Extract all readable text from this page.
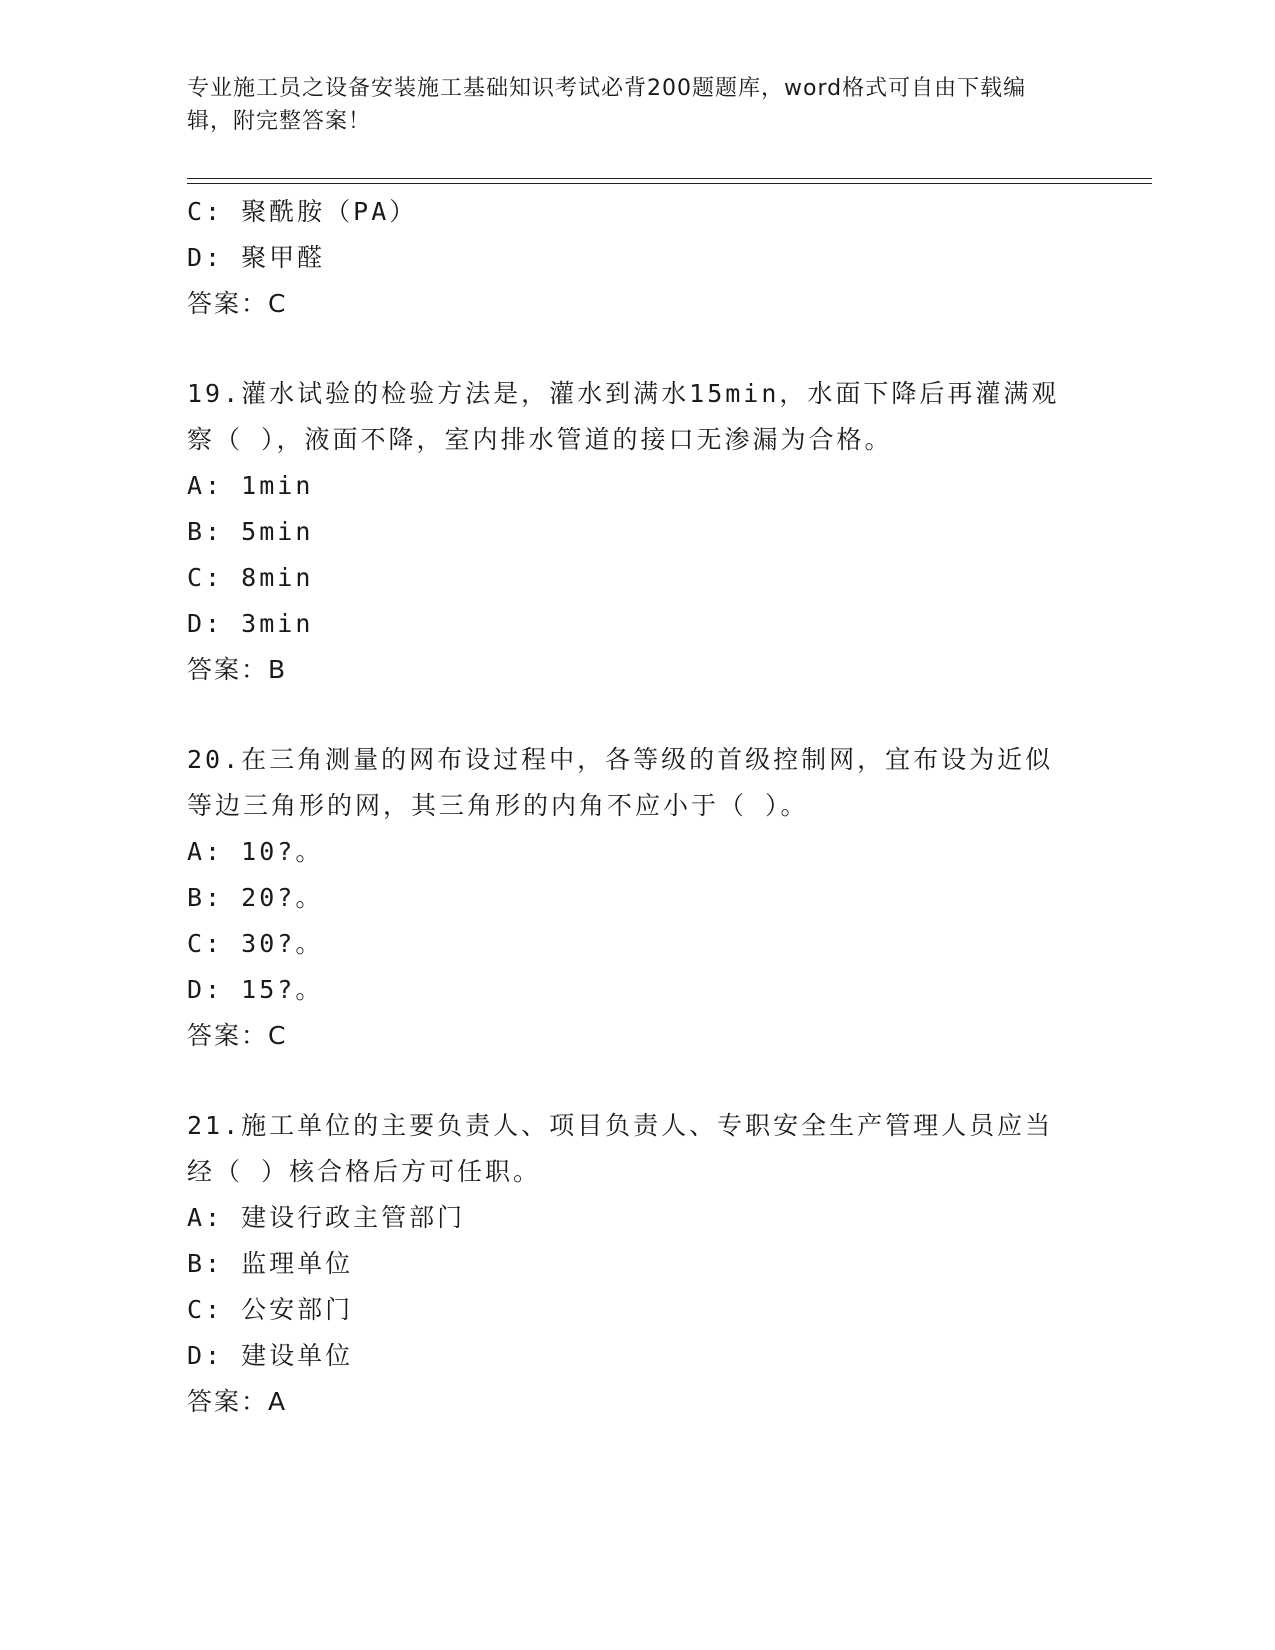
专业施工员之设备安装施工基础知识考试必背200题题库，word格式可自由下载编辑，附完整答案！
C: 聚酰胺（PA）
D: 聚甲醛
答案：C
19.灌水试验的检验方法是，灌水到满水15min，水面下降后再灌满观
察（ ），液面不降，室内排水管道的接口无渗漏为合格。
A: 1min
B: 5min
C: 8min
D: 3min
答案：B
20.在三角测量的网布设过程中，各等级的首级控制网，宜布设为近似
等边三角形的网，其三角形的内角不应小于（ ）。
A: 10?。
B: 20?。
C: 30?。
D: 15?。
答案：C
21.施工单位的主要负责人、项目负责人、专职安全生产管理人员应当
经（ ）核合格后方可任职。
A: 建设行政主管部门
B: 监理单位
C: 公安部门
D: 建设单位
答案：A
